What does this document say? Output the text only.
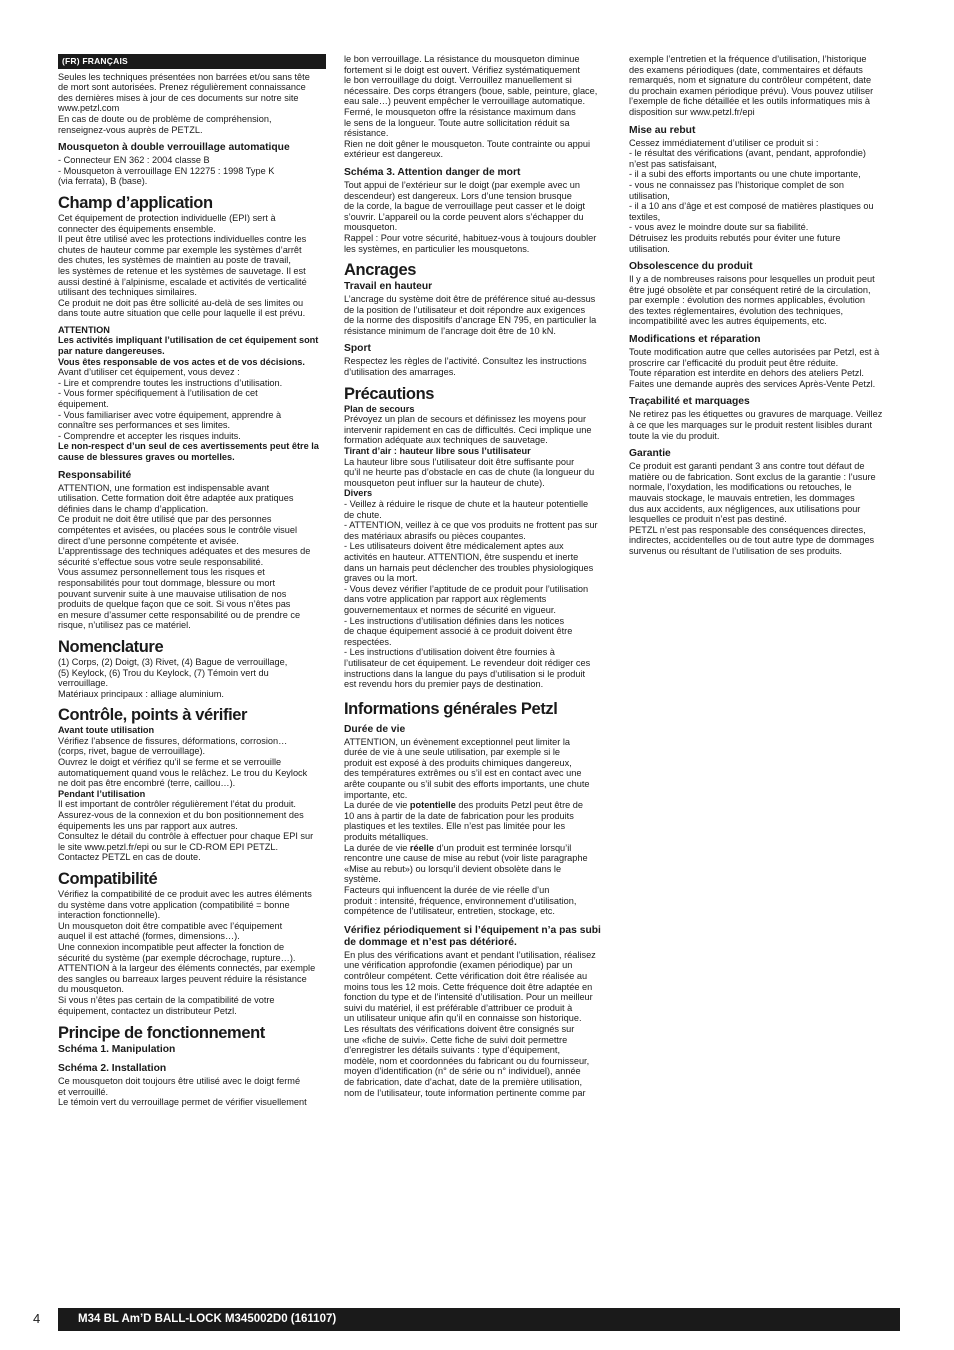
(FR) FRANÇAIS

Seules les techniques présentées non barrées et/ou sans tête
de mort sont autorisées. Prenez régulièrement connaissance
des dernières mises à jour de ces documents sur notre site
www.petzl.com
En cas de doute ou de problème de compréhension,
renseignez-vous auprès de PETZL.

Mousqueton à double verrouillage automatique

- Connecteur EN 362 : 2004 classe B
- Mousqueton à verrouillage EN 12275 : 1998 Type K
(via ferrata), B (base).

Champ d’application

Cet équipement de protection individuelle (EPI) sert à
connecter des équipements ensemble.
Il peut être utilisé avec les protections individuelles contre les
chutes de hauteur comme par exemple les systèmes d’arrêt
des chutes, les systèmes de maintien au poste de travail,
les systèmes de retenue et les systèmes de sauvetage. Il est
aussi destiné à l’alpinisme, escalade et activités de verticalité
utilisant des techniques similaires.
Ce produit ne doit pas être sollicité au-delà de ses limites ou
dans toute autre situation que celle pour laquelle il est prévu.

ATTENTION

Les activités impliquant l’utilisation de cet équipement sont
par nature dangereuses.

Vous êtes responsable de vos actes et de vos décisions.

Avant d’utiliser cet équipement, vous devez :
- Lire et comprendre toutes les instructions d’utilisation.
- Vous former spécifiquement à l’utilisation de cet
équipement.
- Vous familiariser avec votre équipement, apprendre à
connaître ses performances et ses limites.
- Comprendre et accepter les risques induits.

Le non-respect d’un seul de ces avertissements peut être la
cause de blessures graves ou mortelles.

Responsabilité

ATTENTION, une formation est indispensable avant
utilisation. Cette formation doit être adaptée aux pratiques
définies dans le champ d’application.
Ce produit ne doit être utilisé que par des personnes
compétentes et avisées, ou placées sous le contrôle visuel
direct d’une personne compétente et avisée.
L’apprentissage des techniques adéquates et des mesures de
sécurité s’effectue sous votre seule responsabilité.
Vous assumez personnellement tous les risques et
responsabilités pour tout dommage, blessure ou mort
pouvant survenir suite à une mauvaise utilisation de nos
produits de quelque façon que ce soit. Si vous n’êtes pas
en mesure d’assumer cette responsabilité ou de prendre ce
risque, n’utilisez pas ce matériel.

Nomenclature

(1) Corps, (2) Doigt, (3) Rivet, (4) Bague de verrouillage,
(5) Keylock, (6) Trou du Keylock, (7) Témoin vert du
verrouillage.
Matériaux principaux : alliage aluminium.

Contrôle, points à vérifier
Avant toute utilisation

Vérifiez l’absence de fissures, déformations, corrosion…
(corps, rivet, bague de verrouillage).
Ouvrez le doigt et vérifiez qu’il se ferme et se verrouille
automatiquement quand vous le relâchez. Le trou du Keylock
ne doit pas être encombré (terre, caillou…).

Pendant l’utilisation

Il est important de contrôler régulièrement l’état du produit.
Assurez-vous de la connexion et du bon positionnement des
équipements les uns par rapport aux autres.
Consultez le détail du contrôle à effectuer pour chaque EPI sur
le site www.petzl.fr/epi ou sur le CD-ROM EPI PETZL.
Contactez PETZL en cas de doute.

Compatibilité

Vérifiez la compatibilité de ce produit avec les autres éléments
du système dans votre application (compatibilité = bonne
interaction fonctionnelle).
Un mousqueton doit être compatible avec l’équipement
auquel il est attaché (formes, dimensions…).
Une connexion incompatible peut affecter la fonction de
sécurité du système (par exemple décrochage, rupture…).
ATTENTION à la largeur des éléments connectés, par exemple
des sangles ou barreaux larges peuvent réduire la résistance
du mousqueton.
Si vous n’êtes pas certain de la compatibilité de votre
équipement, contactez un distributeur Petzl.

Principe de fonctionnement
Schéma 1. Manipulation
Schéma 2. Installation

Ce mousqueton doit toujours être utilisé avec le doigt fermé
et verrouillé.
Le témoin vert du verrouillage permet de vérifier visuellement

le bon verrouillage. La résistance du mousqueton diminue
fortement si le doigt est ouvert. Vérifiez systématiquement
le bon verrouillage du doigt. Verrouillez manuellement si
nécessaire. Des corps étrangers (boue, sable, peinture, glace,
eau sale…) peuvent empêcher le verrouillage automatique.
Fermé, le mousqueton offre la résistance maximum dans
le sens de la longueur. Toute autre sollicitation réduit sa
résistance.
Rien ne doit gêner le mousqueton. Toute contrainte ou appui
extérieur est dangereux.

Schéma 3. Attention danger de mort

Tout appui de l’extérieur sur le doigt (par exemple avec un
descendeur) est dangereux. Lors d’une tension brusque
de la corde, la bague de verrouillage peut casser et le doigt
s’ouvrir. L’appareil ou la corde peuvent alors s’échapper du
mousqueton.
Rappel : Pour votre sécurité, habituez-vous à toujours doubler
les systèmes, en particulier les mousquetons.

Ancrages
Travail en hauteur

L’ancrage du système doit être de préférence situé au-dessus
de la position de l’utilisateur et doit répondre aux exigences
de la norme des dispositifs d’ancrage EN 795, en particulier la
résistance minimum de l’ancrage doit être de 10 kN.

Sport

Respectez les règles de l’activité. Consultez les instructions
d’utilisation des amarrages.

Précautions
Plan de secours

Prévoyez un plan de secours et définissez les moyens pour
intervenir rapidement en cas de difficultés. Ceci implique une
formation adéquate aux techniques de sauvetage.

Tirant d’air : hauteur libre sous l’utilisateur

La hauteur libre sous l’utilisateur doit être suffisante pour
qu’il ne heurte pas d’obstacle en cas de chute (la longueur du
mousqueton peut influer sur la hauteur de chute).

Divers

- Veillez à réduire le risque de chute et la hauteur potentielle
de chute.
- ATTENTION, veillez à ce que vos produits ne frottent pas sur
des matériaux abrasifs ou pièces coupantes.
- Les utilisateurs doivent être médicalement aptes aux
activités en hauteur. ATTENTION, être suspendu et inerte
dans un harnais peut déclencher des troubles physiologiques
graves ou la mort.
- Vous devez vérifier l’aptitude de ce produit pour l’utilisation
dans votre application par rapport aux règlements
gouvernementaux et normes de sécurité en vigueur.
- Les instructions d’utilisation définies dans les notices
de chaque équipement associé à ce produit doivent être
respectées.
- Les instructions d’utilisation doivent être fournies à
l’utilisateur de cet équipement. Le revendeur doit rédiger ces
instructions dans la langue du pays d’utilisation si le produit
est revendu hors du premier pays de destination.

Informations générales Petzl
Durée de vie

ATTENTION, un évènement exceptionnel peut limiter la
durée de vie à une seule utilisation, par exemple si le
produit est exposé à des produits chimiques dangereux,
des températures extrêmes ou s’il est en contact avec une
arête coupante ou s’il subit des efforts importants, une chute
importante, etc.

La durée de vie potentielle des produits Petzl peut être de
10 ans à partir de la date de fabrication pour les produits
plastiques et les textiles. Elle n’est pas limitée pour les
produits métalliques.

La durée de vie réelle d’un produit est terminée lorsqu’il
rencontre une cause de mise au rebut (voir liste paragraphe
«Mise au rebut») ou lorsqu’il devient obsolète dans le
système.
Facteurs qui influencent la durée de vie réelle d’un
produit : intensité, fréquence, environnement d’utilisation,
compétence de l’utilisateur, entretien, stockage, etc.

Vérifiez périodiquement si l’équipement n’a pas subi de dommage et n’est pas détérioré.

En plus des vérifications avant et pendant l’utilisation, réalisez
une vérification approfondie (examen périodique) par un
contrôleur compétent. Cette vérification doit être réalisée au
moins tous les 12 mois. Cette fréquence doit être adaptée en
fonction du type et de l’intensité d’utilisation. Pour un meilleur
suivi du matériel, il est préférable d’attribuer ce produit à
un utilisateur unique afin qu’il en connaisse son historique.
Les résultats des vérifications doivent être consignés sur
une «fiche de suivi». Cette fiche de suivi doit permettre
d’enregistrer les détails suivants : type d’équipement,
modèle, nom et coordonnées du fabricant ou du fournisseur,
moyen d’identification (n° de série ou n° individuel), année
de fabrication, date d’achat, date de la première utilisation,
nom de l’utilisateur, toute information pertinente comme par

exemple l’entretien et la fréquence d’utilisation, l’historique
des examens périodiques (date, commentaires et défauts
remarqués, nom et signature du contrôleur compétent, date
du prochain examen périodique prévu). Vous pouvez utiliser
l’exemple de fiche détaillée et les outils informatiques mis à
disposition sur www.petzl.fr/epi

Mise au rebut

Cessez immédiatement d’utiliser ce produit si :
- le résultat des vérifications (avant, pendant, approfondie)
n’est pas satisfaisant,
- il a subi des efforts importants ou une chute importante,
- vous ne connaissez pas l’historique complet de son
utilisation,
- il a 10 ans d’âge et est composé de matières plastiques ou
textiles,
- vous avez le moindre doute sur sa fiabilité.
Détruisez les produits rebutés pour éviter une future
utilisation.

Obsolescence du produit

Il y a de nombreuses raisons pour lesquelles un produit peut
être jugé obsolète et par conséquent retiré de la circulation,
par exemple : évolution des normes applicables, évolution
des textes réglementaires, évolution des techniques,
incompatibilité avec les autres équipements, etc.

Modifications et réparation

Toute modification autre que celles autorisées par Petzl, est à
proscrire car l’efficacité du produit peut être réduite.
Toute réparation est interdite en dehors des ateliers Petzl.
Faites une demande auprès des services Après-Vente Petzl.

Traçabilité et marquages

Ne retirez pas les étiquettes ou gravures de marquage. Veillez
à ce que les marquages sur le produit restent lisibles durant
toute la vie du produit.

Garantie

Ce produit est garanti pendant 3 ans contre tout défaut de
matière ou de fabrication. Sont exclus de la garantie : l’usure
normale, l’oxydation, les modifications ou retouches, le
mauvais stockage, le mauvais entretien, les dommages
dus aux accidents, aux négligences, aux utilisations pour
lesquelles ce produit n’est pas destiné.
PETZL n’est pas responsable des conséquences directes,
indirectes, accidentelles ou de tout autre type de dommages
survenus ou résultant de l’utilisation de ses produits.

4	M34 BL Am’D BALL-LOCK M345002D0 (161107)
